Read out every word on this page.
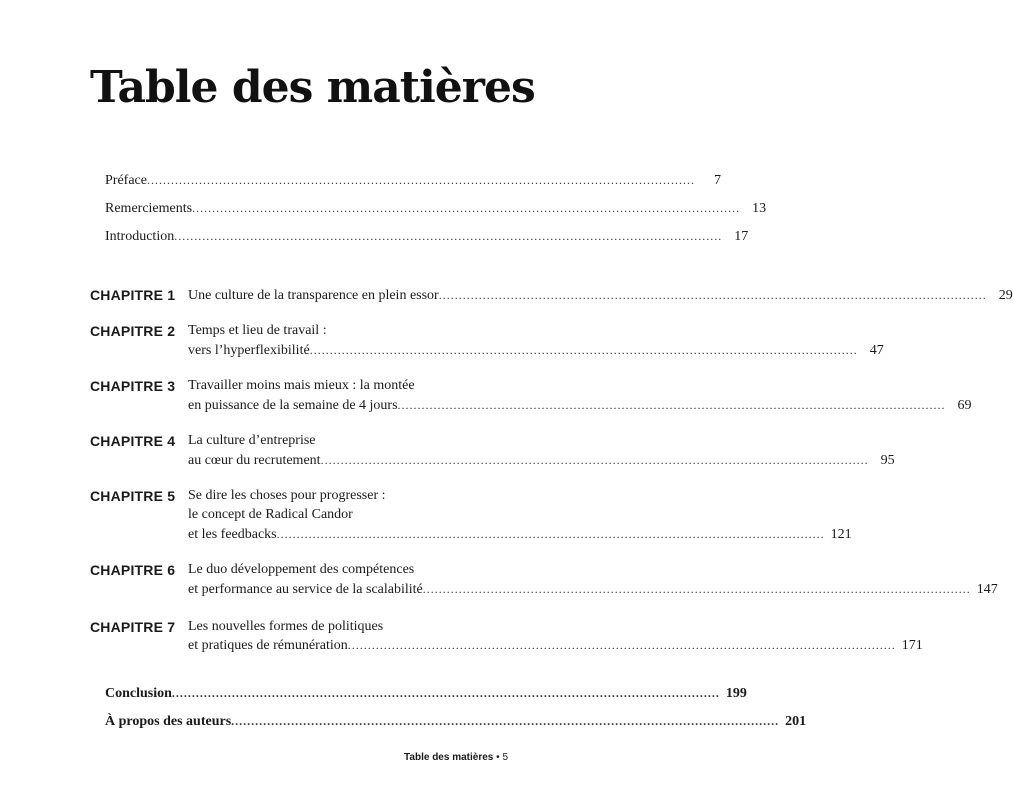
Table des matières
Préface .........................................................................................................................................	7
Remerciements ......................................................................................................................................... 13
Introduction ......................................................................................................................................... 17
CHAPITRE 1 Une culture de la transparence en plein essor ......................................................................................................................................... 29
CHAPITRE 2 Temps et lieu de travail :
vers l’hyperflexibilité ......................................................................................................................................... 47
CHAPITRE 3 Travailler moins mais mieux : la montée
en puissance de la semaine de 4 jours ......................................................................................................................................... 69
CHAPITRE 4 La culture d’entreprise
au cœur du recrutement ......................................................................................................................................... 95
CHAPITRE 5 Se dire les choses pour progresser :
le concept de Radical Candor
et les feedbacks ......................................................................................................................................... 121
CHAPITRE 6 Le duo développement des compétences
et performance au service de la scalabilité ......................................................................................................................................... 147
CHAPITRE 7 Les nouvelles formes de politiques
et pratiques de rémunération ......................................................................................................................................... 171
Conclusion ......................................................................................................................................... 199
À propos des auteurs ......................................................................................................................................... 201
Table des matières • 5
